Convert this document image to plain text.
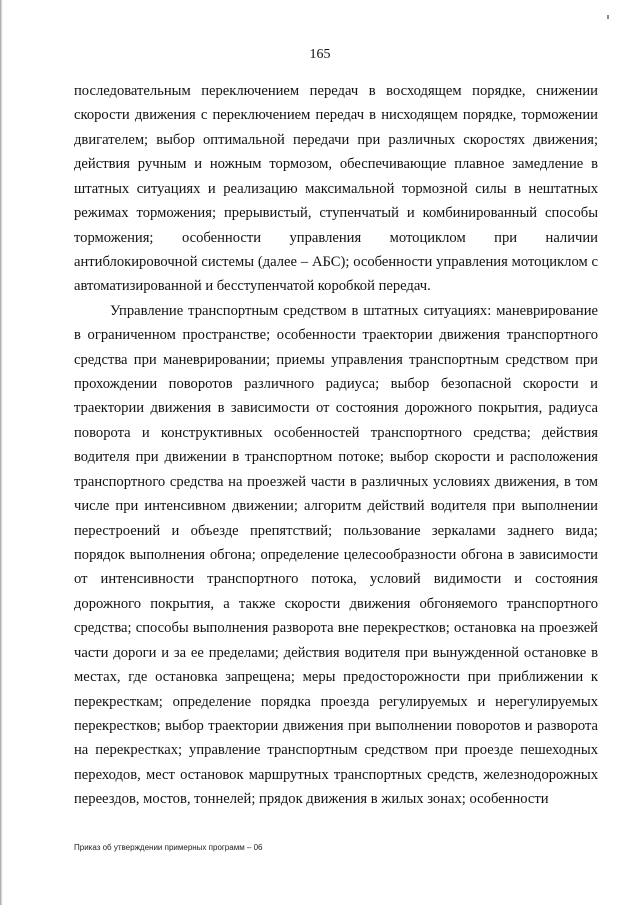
165

последовательным переключением передач в восходящем порядке, снижении скорости движения с переключением передач в нисходящем порядке, торможении двигателем; выбор оптимальной передачи при различных скоростях движения; действия ручным и ножным тормозом, обеспечивающие плавное замедление в штатных ситуациях и реализацию максимальной тормозной силы в нештатных режимах торможения; прерывистый, ступенчатый и комбинированный способы торможения; особенности управления мотоциклом при наличии антиблокировочной системы (далее – АБС); особенности управления мотоциклом с автоматизированной и бесступенчатой коробкой передач.

Управление транспортным средством в штатных ситуациях: маневрирование в ограниченном пространстве; особенности траектории движения транспортного средства при маневрировании; приемы управления транспортным средством при прохождении поворотов различного радиуса; выбор безопасной скорости и траектории движения в зависимости от состояния дорожного покрытия, радиуса поворота и конструктивных особенностей транспортного средства; действия водителя при движении в транспортном потоке; выбор скорости и расположения транспортного средства на проезжей части в различных условиях движения, в том числе при интенсивном движении; алгоритм действий водителя при выполнении перестроений и объезде препятствий; пользование зеркалами заднего вида; порядок выполнения обгона; определение целесообразности обгона в зависимости от интенсивности транспортного потока, условий видимости и состояния дорожного покрытия, а также скорости движения обгоняемого транспортного средства; способы выполнения разворота вне перекрестков; остановка на проезжей части дороги и за ее пределами; действия водителя при вынужденной остановке в местах, где остановка запрещена; меры предосторожности при приближении к перекресткам; определение порядка проезда регулируемых и нерегулируемых перекрестков; выбор траектории движения при выполнении поворотов и разворота на перекрестках; управление транспортным средством при проезде пешеходных переходов, мест остановок маршрутных транспортных средств, железнодорожных переездов, мостов, тоннелей; прядок движения в жилых зонах; особенности

Приказ об утверждении примерных программ – 06
